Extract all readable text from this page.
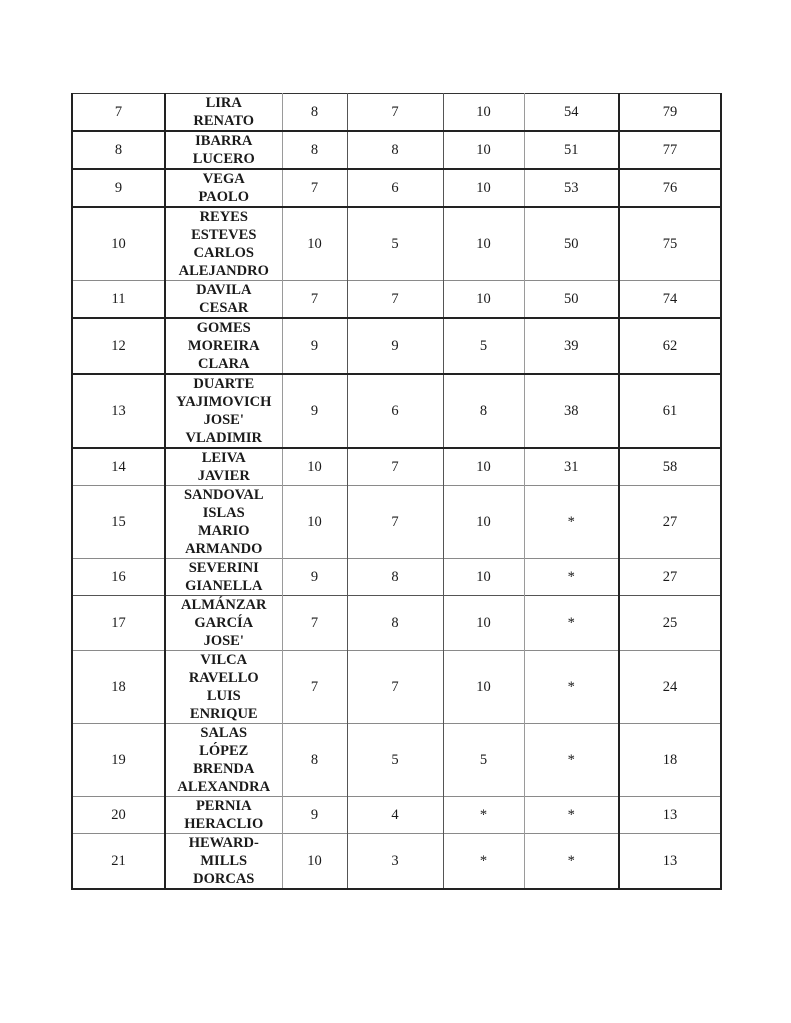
7	LIRA
RENATO	8	7	10	54	79
8	IBARRA
LUCERO	8	8	10	51	77
9	VEGA
PAOLO	7	6	10	53	76
10	REYES
ESTEVES
CARLOS
ALEJANDRO	10	5	10	50	75
11	DAVILA
CESAR	7	7	10	50	74
12	GOMES
MOREIRA
CLARA	9	9	5	39	62
13	DUARTE
YAJIMOVICH
JOSE'
VLADIMIR	9	6	8	38	61
14	LEIVA
JAVIER	10	7	10	31	58
15	SANDOVAL
ISLAS
MARIO
ARMANDO	10	7	10	*	27
16	SEVERINI
GIANELLA	9	8	10	*	27
17	ALMÁNZAR
GARCÍA
JOSE'	7	8	10	*	25
18	VILCA
RAVELLO
LUIS
ENRIQUE	7	7	10	*	24
19	SALAS
LÓPEZ
BRENDA
ALEXANDRA	8	5	5	*	18
20	PERNIA
HERACLIO	9	4	*	*	13
21	HEWARD-
MILLS
DORCAS	10	3	*	*	13
